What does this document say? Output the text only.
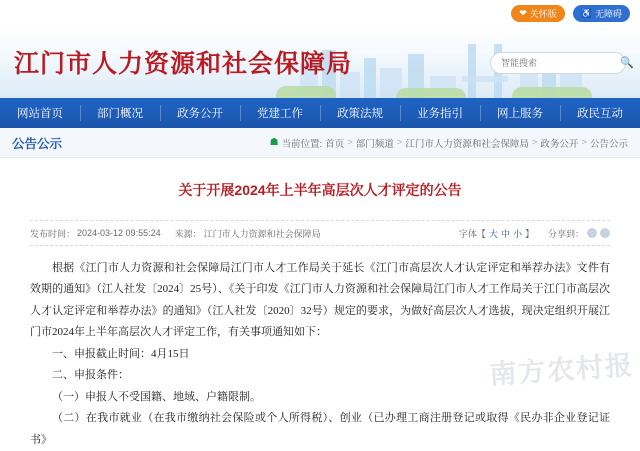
❤ 关怀版	♿ 无障碍
江门市人力资源和社会保障局
智能搜索	🔍
网站首页	部门概况	政务公开	党建工作	政策法规	业务指引	网上服务	政民互动
公告公示	☗ 当前位置: 首页 > 部门频道 > 江门市人力资源和社会保障局 > 政务公开 > 公告公示
关于开展2024年上半年高层次人才评定的公告
发布时间： 2024-03-12 09:55:24 来源： 江门市人力资源和社会保障局	字体【 大 中 小 】 分享到：

根据《江门市人力资源和社会保障局江门市人才工作局关于延长《江门市高层次人才认定评定和举荐办法》文件有效期的通知》（江人社发〔2024〕25号）、《关于印发《江门市人力资源和社会保障局江门市人才工作局关于江门市高层次人才认定评定和举荐办法》的通知》（江人社发〔2020〕32号）规定的要求，为做好高层次人才选拔，现决定组织开展江门市2024年上半年高层次人才评定工作，有关事项通知如下：

一、申报截止时间：4月15日

二、申报条件：

（一）申报人不受国籍、地域、户籍限制。

（二）在我市就业（在我市缴纳社会保险或个人所得税）、创业（已办理工商注册登记或取得《民办非企业登记证书》

南方农村报
